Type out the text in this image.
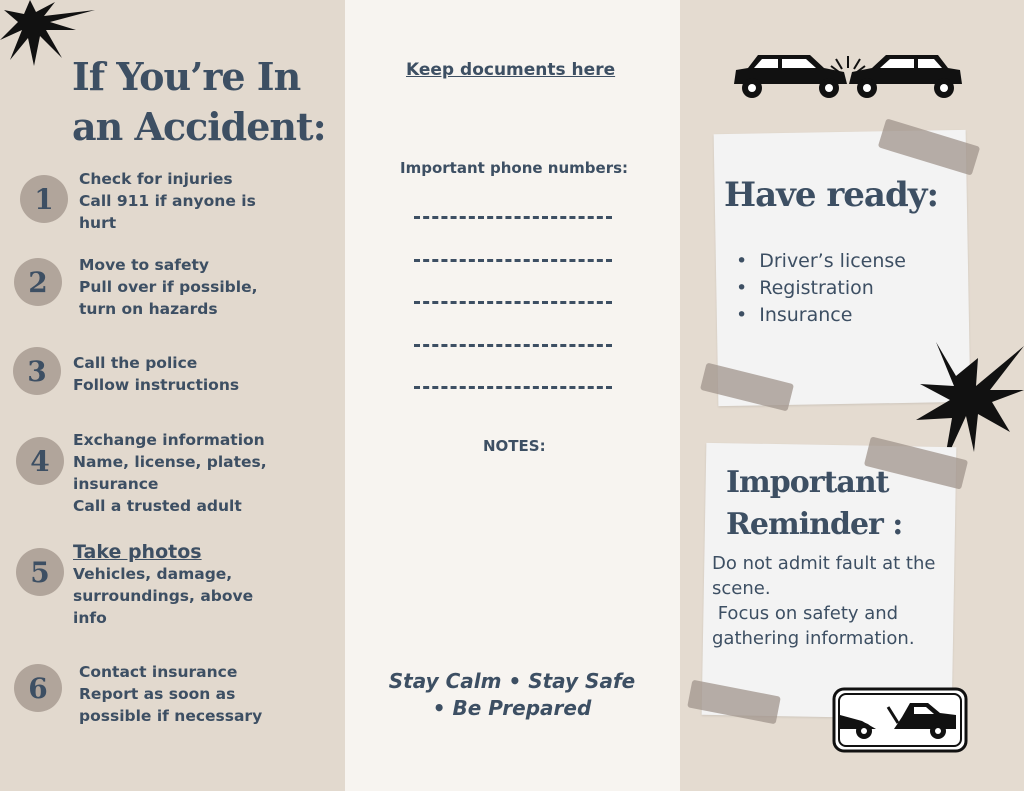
If You’re In
an Accident:
1
Check for injuries
Call 911 if anyone is
hurt
2
Move to safety
Pull over if possible,
turn on hazards
3	Call the police
Follow instructions
4
Exchange information
Name, license, plates,
insurance
Call a trusted adult
5
Take photos
Vehicles, damage,
surroundings, above
info
6	Contact insurance
Report as soon as
possible if necessary
Keep documents here
Important phone numbers:
NOTES:
Stay Calm • Stay Safe
• Be Prepared
Have ready:
• Driver’s license
• Registration
• Insurance
Important
Reminder :
Do not admit fault at the
scene.
Focus on safety and
gathering information.
